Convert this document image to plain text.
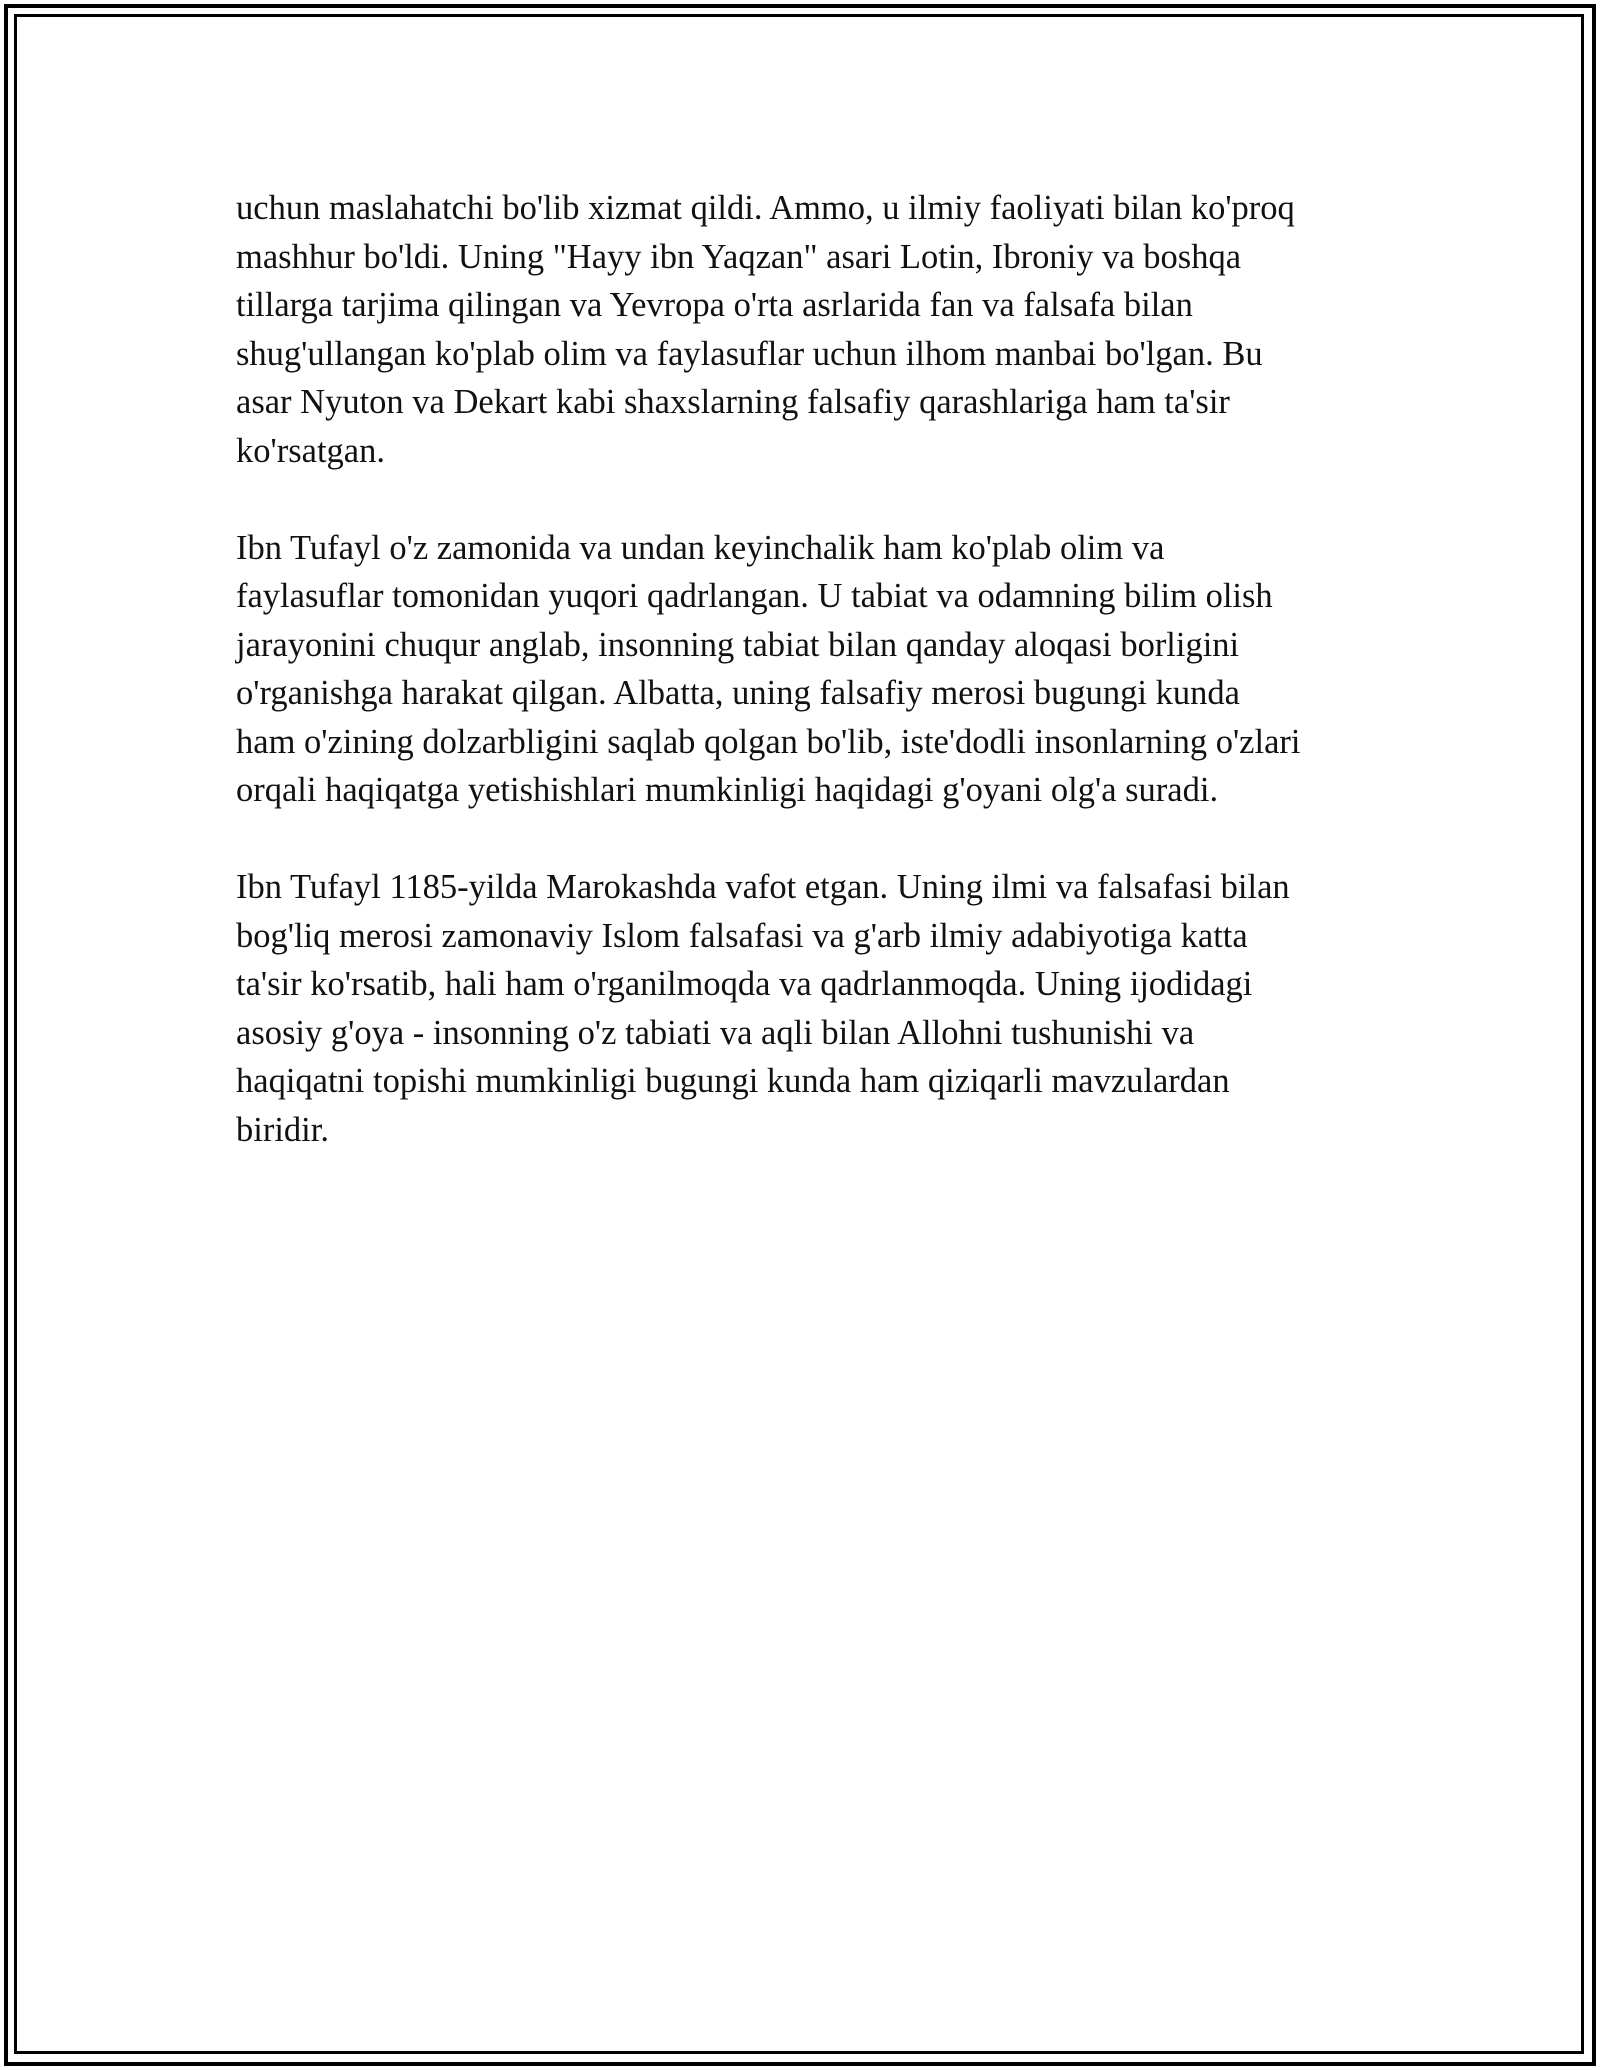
uchun maslahatchi bo'lib xizmat qildi. Ammo, u ilmiy faoliyati bilan ko'proq
mashhur bo'ldi. Uning "Hayy ibn Yaqzan" asari Lotin, Ibroniy va boshqa
tillarga tarjima qilingan va Yevropa o'rta asrlarida fan va falsafa bilan
shug'ullangan ko'plab olim va faylasuflar uchun ilhom manbai bo'lgan. Bu
asar Nyuton va Dekart kabi shaxslarning falsafiy qarashlariga ham ta'sir
ko'rsatgan.

Ibn Tufayl o'z zamonida va undan keyinchalik ham ko'plab olim va
faylasuflar tomonidan yuqori qadrlangan. U tabiat va odamning bilim olish
jarayonini chuqur anglab, insonning tabiat bilan qanday aloqasi borligini
o'rganishga harakat qilgan. Albatta, uning falsafiy merosi bugungi kunda
ham o'zining dolzarbligini saqlab qolgan bo'lib, iste'dodli insonlarning o'zlari
orqali haqiqatga yetishishlari mumkinligi haqidagi g'oyani olg'a suradi.

Ibn Tufayl 1185-yilda Marokashda vafot etgan. Uning ilmi va falsafasi bilan
bog'liq merosi zamonaviy Islom falsafasi va g'arb ilmiy adabiyotiga katta
ta'sir ko'rsatib, hali ham o'rganilmoqda va qadrlanmoqda. Uning ijodidagi
asosiy g'oya - insonning o'z tabiati va aqli bilan Allohni tushunishi va
haqiqatni topishi mumkinligi bugungi kunda ham qiziqarli mavzulardan
biridir.
